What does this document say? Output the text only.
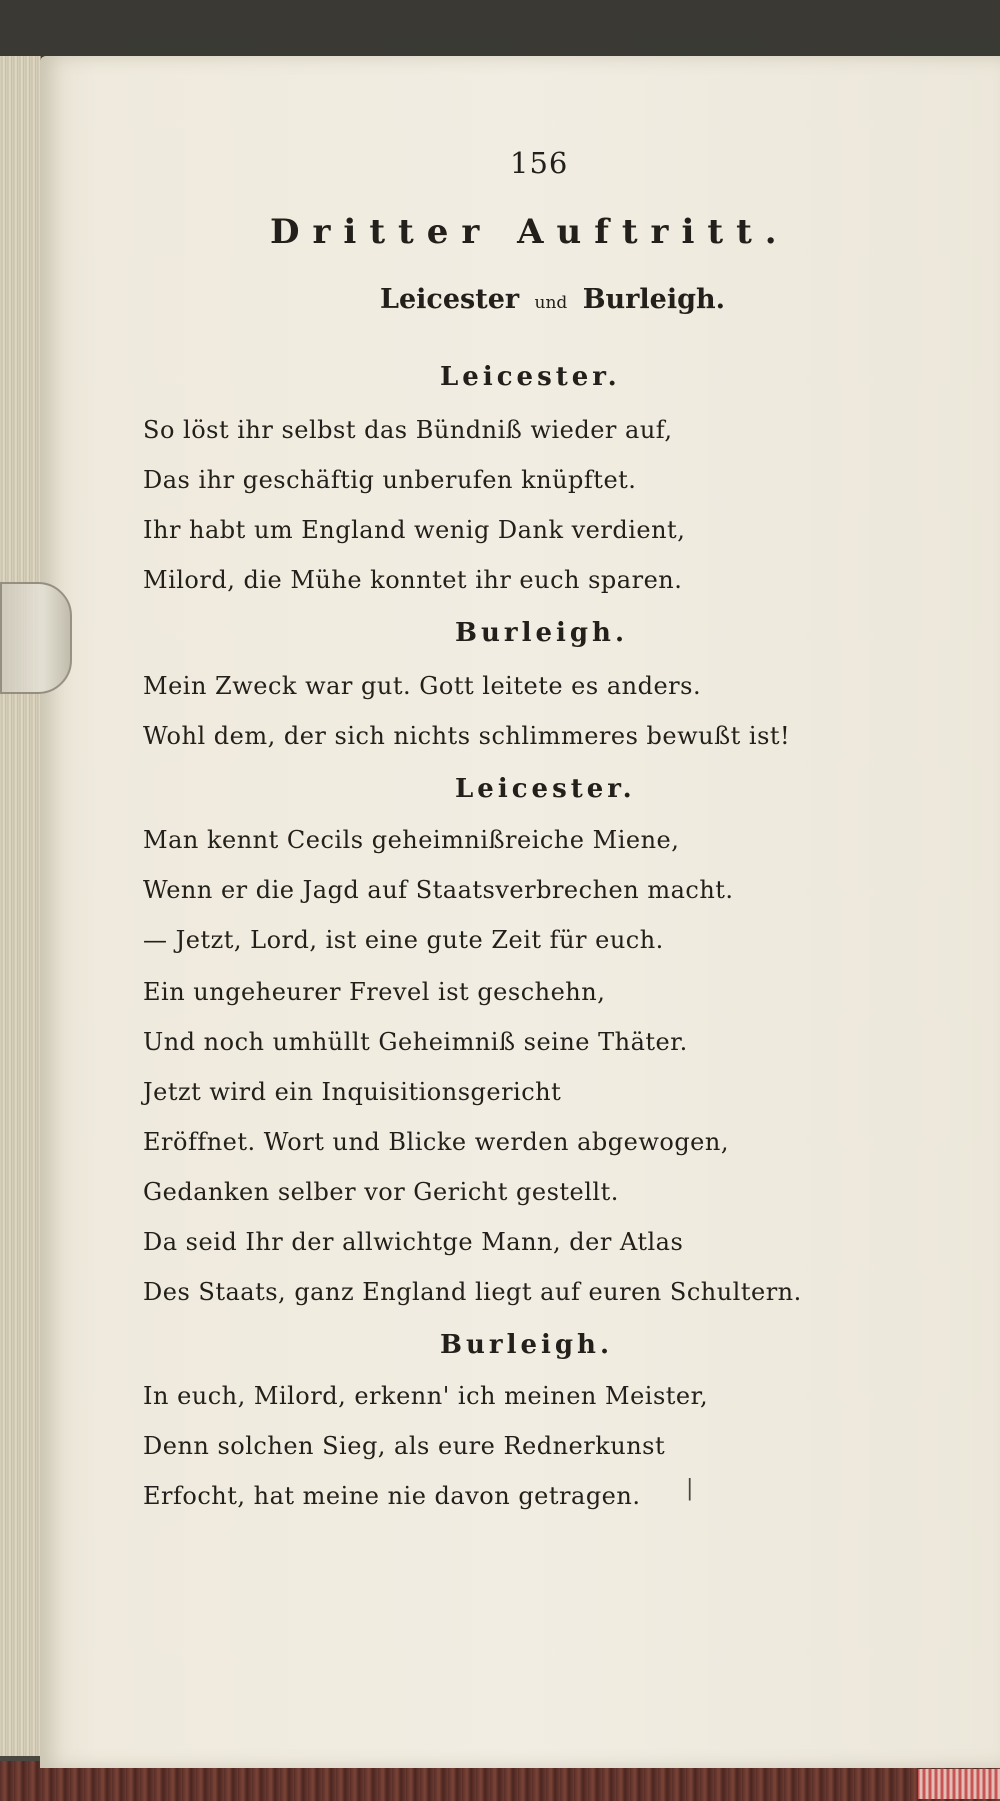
156
Dritter Auftritt.
Leicester und Burleigh.
Leicester.
So löst ihr selbst das Bündniß wieder auf,
Das ihr geschäftig unberufen knüpftet.
Ihr habt um England wenig Dank verdient,
Milord, die Mühe konntet ihr euch sparen.
Burleigh.
Mein Zweck war gut. Gott leitete es anders.
Wohl dem, der sich nichts schlimmeres bewußt ist!
Leicester.
Man kennt Cecils geheimnißreiche Miene,
Wenn er die Jagd auf Staatsverbrechen macht.
— Jetzt, Lord, ist eine gute Zeit für euch.
Ein ungeheurer Frevel ist geschehn,
Und noch umhüllt Geheimniß seine Thäter.
Jetzt wird ein Inquisitionsgericht
Eröffnet. Wort und Blicke werden abgewogen,
Gedanken selber vor Gericht gestellt.
Da seid Ihr der allwichtge Mann, der Atlas
Des Staats, ganz England liegt auf euren Schultern.
Burleigh.
In euch, Milord, erkenn' ich meinen Meister,
Denn solchen Sieg, als eure Rednerkunst
Erfocht, hat meine nie davon getragen. |
